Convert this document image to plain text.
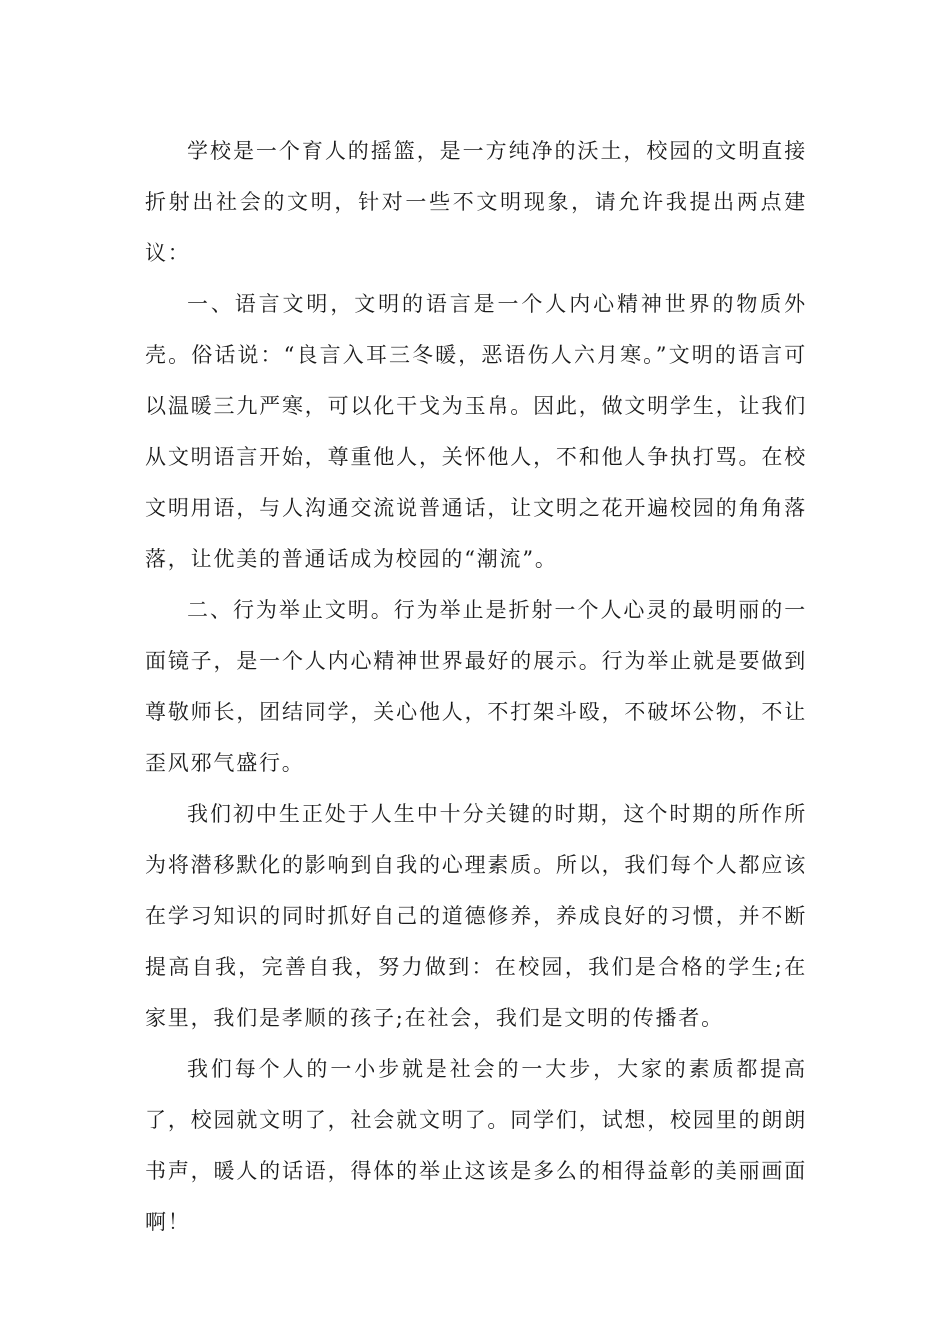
学校是一个育人的摇篮，是一方纯净的沃土，校园的文明直接折射出社会的文明，针对一些不文明现象，请允许我提出两点建议：

一、语言文明，文明的语言是一个人内心精神世界的物质外壳。俗话说：“良言入耳三冬暖，恶语伤人六月寒。”文明的语言可以温暖三九严寒，可以化干戈为玉帛。因此，做文明学生，让我们从文明语言开始，尊重他人，关怀他人，不和他人争执打骂。在校文明用语，与人沟通交流说普通话，让文明之花开遍校园的角角落落，让优美的普通话成为校园的“潮流”。

二、行为举止文明。行为举止是折射一个人心灵的最明丽的一面镜子，是一个人内心精神世界最好的展示。行为举止就是要做到尊敬师长，团结同学，关心他人，不打架斗殴，不破坏公物，不让歪风邪气盛行。

我们初中生正处于人生中十分关键的时期，这个时期的所作所为将潜移默化的影响到自我的心理素质。所以，我们每个人都应该在学习知识的同时抓好自己的道德修养，养成良好的习惯，并不断提高自我，完善自我，努力做到：在校园，我们是合格的学生;在家里，我们是孝顺的孩子;在社会，我们是文明的传播者。

我们每个人的一小步就是社会的一大步，大家的素质都提高了，校园就文明了，社会就文明了。同学们，试想，校园里的朗朗书声，暖人的话语，得体的举止这该是多么的相得益彰的美丽画面啊！
